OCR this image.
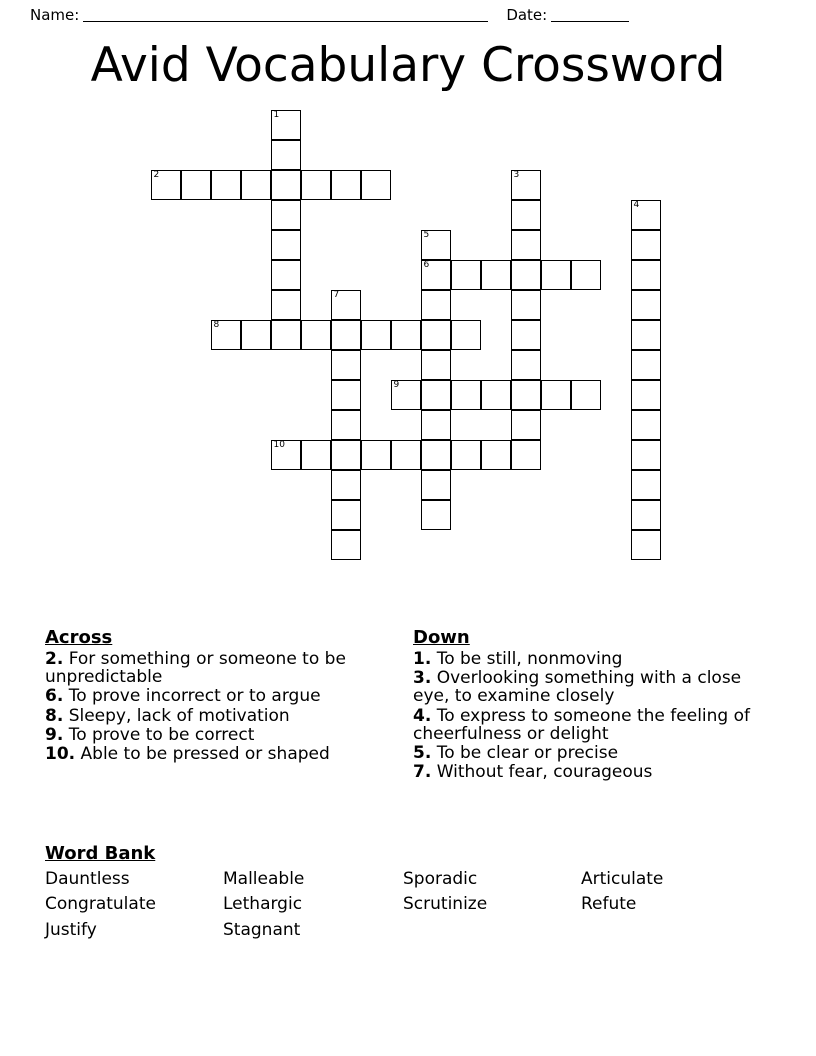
Name:	Date:
Avid Vocabulary Crossword
1
2	3
4
5
6
7
8
9
10
Across
2. For something or someone to be unpredictable
6. To prove incorrect or to argue
8. Sleepy, lack of motivation
9. To prove to be correct
10. Able to be pressed or shaped
Down
1. To be still, nonmoving
3. Overlooking something with a close eye, to examine closely
4. To express to someone the feeling of cheerfulness or delight
5. To be clear or precise
7. Without fear, courageous
Word Bank
Dauntless	Malleable	Sporadic	Articulate
Congratulate	Lethargic	Scrutinize	Refute
Justify	Stagnant
